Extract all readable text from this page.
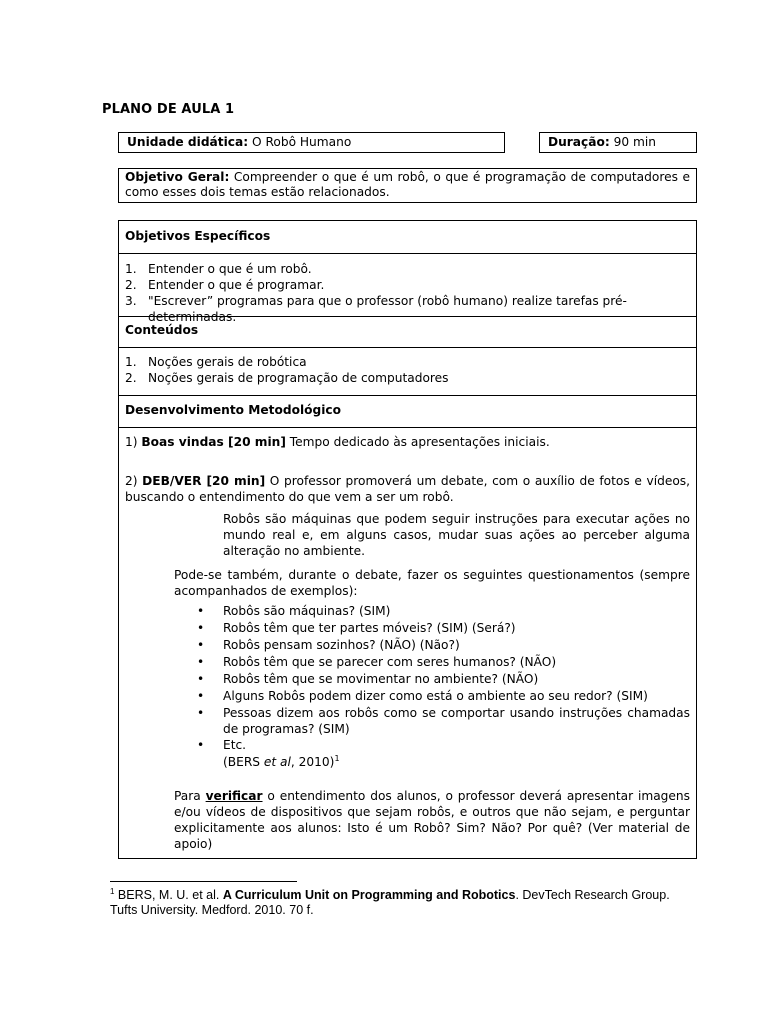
PLANO DE AULA 1
Unidade didática: O Robô Humano	Duração: 90 min
Objetivo Geral: Compreender o que é um robô, o que é programação de computadores e como esses dois temas estão relacionados.
Objetivos Específicos
1. Entender o que é um robô.
2. Entender o que é programar.
3. "Escrever” programas para que o professor (robô humano) realize tarefas pré-determinadas.
Conteúdos
1. Noções gerais de robótica
2. Noções gerais de programação de computadores
Desenvolvimento Metodológico
1) Boas vindas [20 min] Tempo dedicado às apresentações iniciais.
2) DEB/VER [20 min] O professor promoverá um debate, com o auxílio de fotos e vídeos, buscando o entendimento do que vem a ser um robô.
Robôs são máquinas que podem seguir instruções para executar ações no mundo real e, em alguns casos, mudar suas ações ao perceber alguma alteração no ambiente.
Pode-se também, durante o debate, fazer os seguintes questionamentos (sempre acompanhados de exemplos):
• Robôs são máquinas? (SIM)
• Robôs têm que ter partes móveis? (SIM) (Será?)
• Robôs pensam sozinhos? (NÃO) (Não?)
• Robôs têm que se parecer com seres humanos? (NÃO)
• Robôs têm que se movimentar no ambiente? (NÃO)
• Alguns Robôs podem dizer como está o ambiente ao seu redor? (SIM)
• Pessoas dizem aos robôs como se comportar usando instruções chamadas de programas? (SIM)
• Etc.
(BERS et al, 2010)$^1$
Para verificar o entendimento dos alunos, o professor deverá apresentar imagens e/ou vídeos de dispositivos que sejam robôs, e outros que não sejam, e perguntar explicitamente aos alunos: Isto é um Robô? Sim? Não? Por quê? (Ver material de apoio)
$^1$ BERS, M. U. et al. A Curriculum Unit on Programming and Robotics. DevTech Research Group. Tufts University. Medford. 2010. 70 f.
